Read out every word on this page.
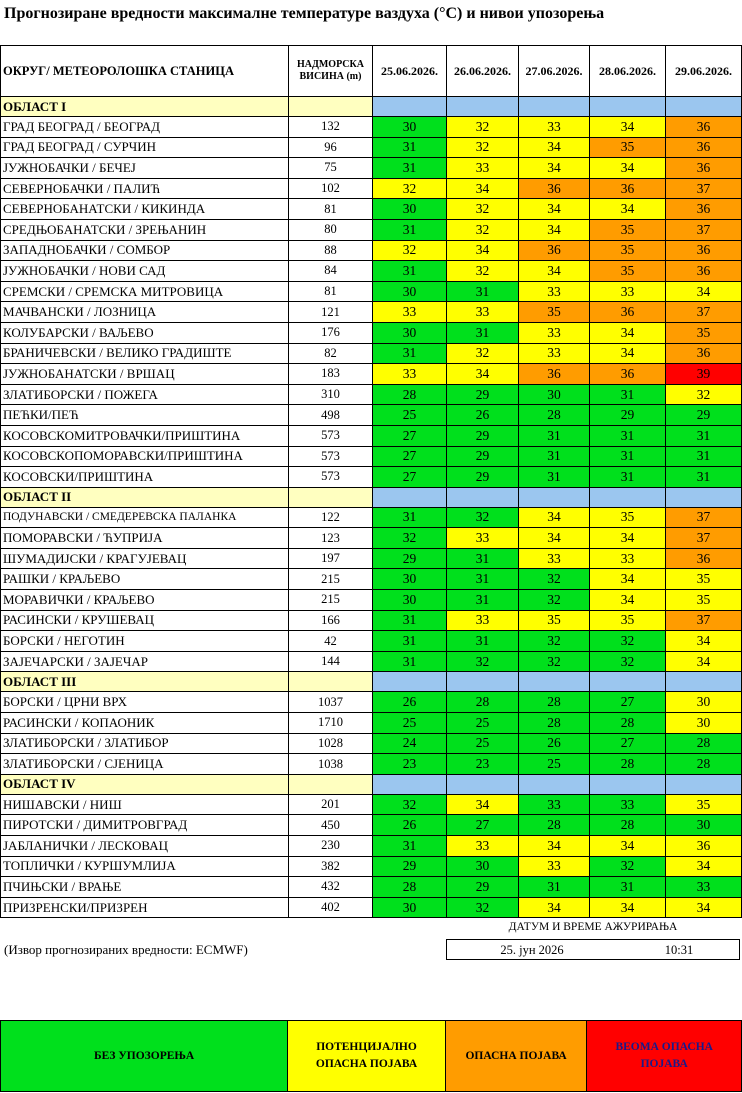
Прогнозиране вредности максималне температуре ваздуха (°C) и нивои упозорења
ОКРУГ/ МЕТЕОРОЛОШКА СТАНИЦА	НАДМОРСКА ВИСИНА (m)	25.06.2026.	26.06.2026.	27.06.2026.	28.06.2026.	29.06.2026.
ОБЛАСТ I						
ГРАД БЕОГРАД / БЕОГРАД	132	30	32	33	34	36
ГРАД БЕОГРАД / СУРЧИН	96	31	32	34	35	36
ЈУЖНОБАЧКИ / БЕЧЕЈ	75	31	33	34	34	36
СЕВЕРНОБАЧКИ / ПАЛИЋ	102	32	34	36	36	37
СЕВЕРНОБАНАТСКИ / КИКИНДА	81	30	32	34	34	36
СРЕДЊОБАНАТСКИ / ЗРЕЊАНИН	80	31	32	34	35	37
ЗАПАДНОБАЧКИ / СОМБОР	88	32	34	36	35	36
ЈУЖНОБАЧКИ / НОВИ САД	84	31	32	34	35	36
СРЕМСКИ / СРЕМСКА МИТРОВИЦА	81	30	31	33	33	34
МАЧВАНСКИ / ЛОЗНИЦА	121	33	33	35	36	37
КОЛУБАРСКИ / ВАЉЕВО	176	30	31	33	34	35
БРАНИЧЕВСКИ / ВЕЛИКО ГРАДИШТЕ	82	31	32	33	34	36
ЈУЖНОБАНАТСКИ / ВРШАЦ	183	33	34	36	36	39
ЗЛАТИБОРСКИ / ПОЖЕГА	310	28	29	30	31	32
ПЕЋКИ/ПЕЋ	498	25	26	28	29	29
КОСОВСКОМИТРОВАЧКИ/ПРИШТИНА	573	27	29	31	31	31
КОСОВСКОПОМОРАВСКИ/ПРИШТИНА	573	27	29	31	31	31
КОСОВСКИ/ПРИШТИНА	573	27	29	31	31	31
ОБЛАСТ II						
ПОДУНАВСКИ / СМЕДЕРЕВСКА ПАЛАНКА	122	31	32	34	35	37
ПОМОРАВСКИ / ЋУПРИЈА	123	32	33	34	34	37
ШУМАДИЈСКИ / КРАГУЈЕВАЦ	197	29	31	33	33	36
РАШКИ / КРАЉЕВО	215	30	31	32	34	35
МОРАВИЧКИ / КРАЉЕВО	215	30	31	32	34	35
РАСИНСКИ / КРУШЕВАЦ	166	31	33	35	35	37
БОРСКИ / НЕГОТИН	42	31	31	32	32	34
ЗАЈЕЧАРСКИ / ЗАЈЕЧАР	144	31	32	32	32	34
ОБЛАСТ III						
БОРСКИ / ЦРНИ ВРХ	1037	26	28	28	27	30
РАСИНСКИ / КОПАОНИК	1710	25	25	28	28	30
ЗЛАТИБОРСКИ / ЗЛАТИБОР	1028	24	25	26	27	28
ЗЛАТИБОРСКИ / СЈЕНИЦА	1038	23	23	25	28	28
ОБЛАСТ IV						
НИШАВСКИ / НИШ	201	32	34	33	33	35
ПИРОТСКИ / ДИМИТРОВГРАД	450	26	27	28	28	30
ЈАБЛАНИЧКИ / ЛЕСКОВАЦ	230	31	33	34	34	36
ТОПЛИЧКИ / КУРШУМЛИЈА	382	29	30	33	32	34
ПЧИЊСКИ / ВРАЊЕ	432	28	29	31	31	33
ПРИЗРЕНСКИ/ПРИЗРЕН	402	30	32	34	34	34
ДАТУМ И ВРЕМЕ АЖУРИРАЊА
25. јун 2026	10:31
(Извор прогнозираних вредности: ECMWF)
БЕЗ УПОЗОРЕЊА
ПОТЕНЦИЈАЛНО ОПАСНА ПОЈАВА
ОПАСНА ПОЈАВА
ВЕОМА ОПАСНА ПОЈАВА
